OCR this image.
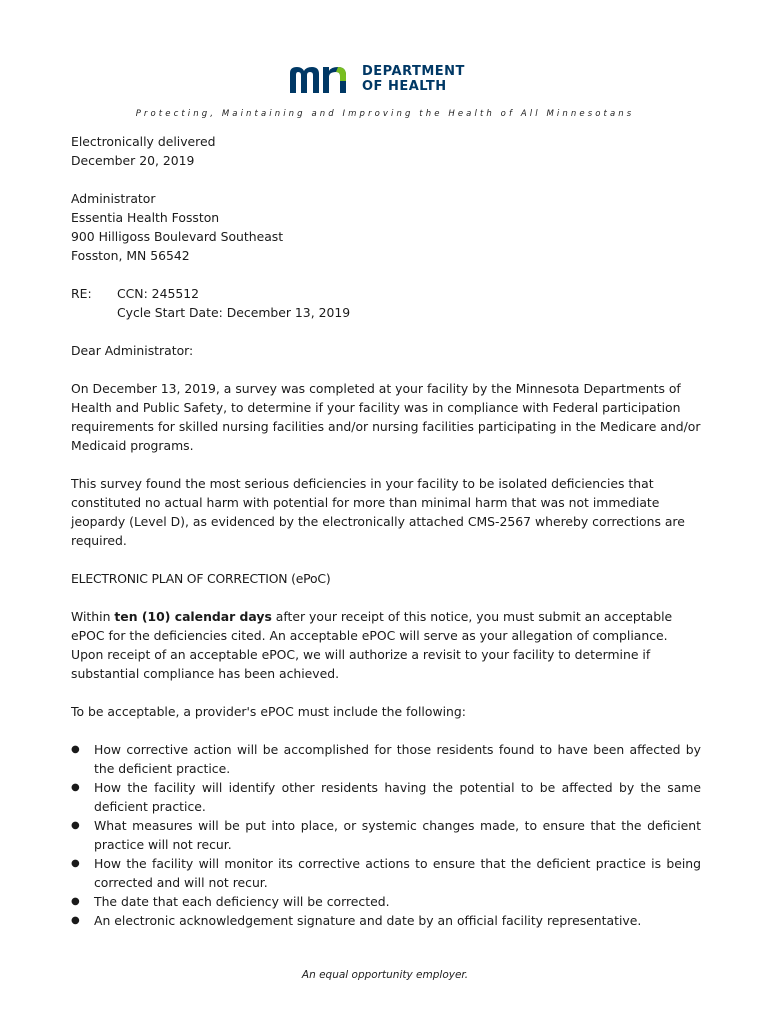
DEPARTMENT
OF HEALTH
Protecting, Maintaining and Improving the Health of All Minnesotans

Electronically delivered

December 20, 2019

Administrator

Essentia Health Fosston

900 Hilligoss Boulevard Southeast

Fosston, MN 56542

RE:	CCN: 245512
Cycle Start Date: December 13, 2019

Dear Administrator:

On December 13, 2019, a survey was completed at your facility by the Minnesota Departments of Health and Public Safety, to determine if your facility was in compliance with Federal participation requirements for skilled nursing facilities and/or nursing facilities participating in the Medicare and/or Medicaid programs.

This survey found the most serious deficiencies in your facility to be isolated deficiencies that constituted no actual harm with potential for more than minimal harm that was not immediate jeopardy (Level D), as evidenced by the electronically attached CMS-2567 whereby corrections are required.

ELECTRONIC PLAN OF CORRECTION (ePoC)

Within ten (10) calendar days after your receipt of this notice, you must submit an acceptable ePOC for the deficiencies cited. An acceptable ePOC will serve as your allegation of compliance. Upon receipt of an acceptable ePOC, we will authorize a revisit to your facility to determine if substantial compliance has been achieved.

To be acceptable, a provider's ePOC must include the following:

● How corrective action will be accomplished for those residents found to have been affected by the deficient practice.
● How the facility will identify other residents having the potential to be affected by the same deficient practice.
● What measures will be put into place, or systemic changes made, to ensure that the deficient practice will not recur.
● How the facility will monitor its corrective actions to ensure that the deficient practice is being corrected and will not recur.
● The date that each deficiency will be corrected.
● An electronic acknowledgement signature and date by an official facility representative.
An equal opportunity employer.
